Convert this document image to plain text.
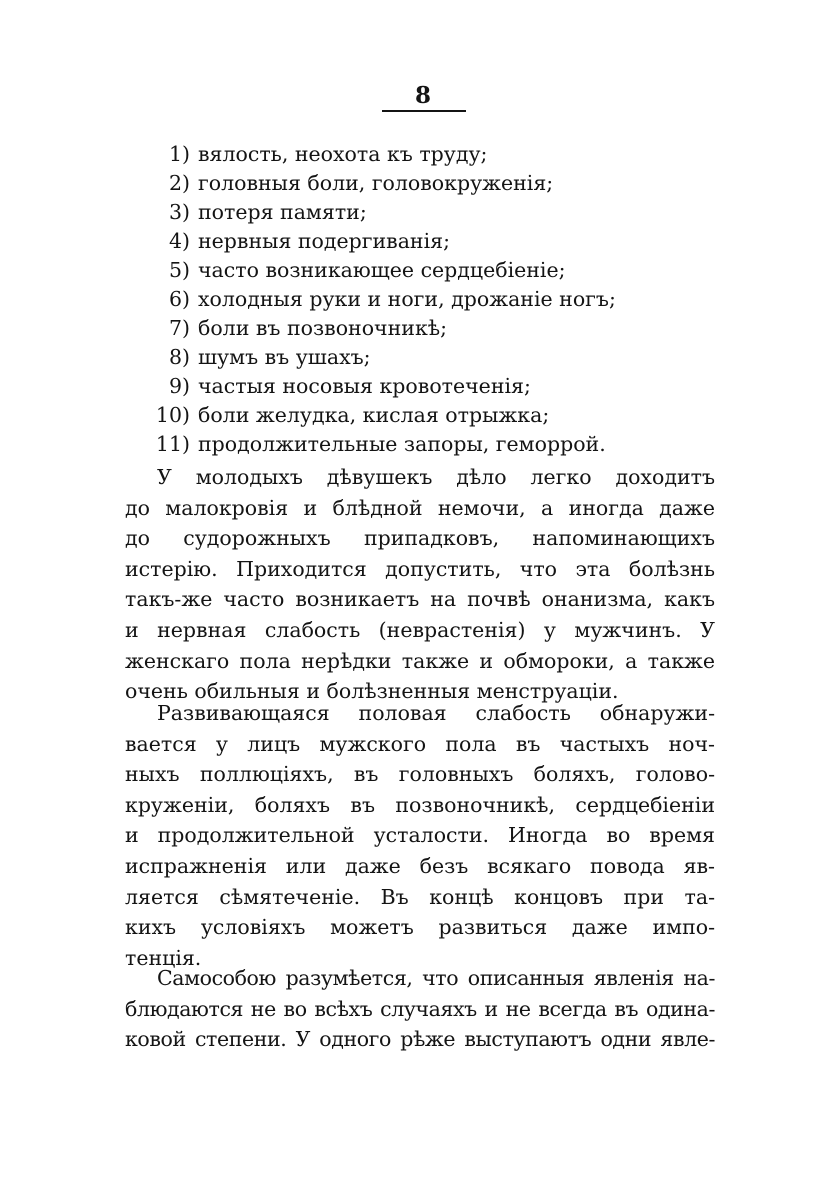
8
1) вялость, неохота къ труду;
2) головныя боли, головокруженія;
3) потеря памяти;
4) нервныя подергиванія;
5) часто возникающее сердцебіеніе;
6) холодныя руки и ноги, дрожаніе ногъ;
7) боли въ позвоночникѣ;
8) шумъ въ ушахъ;
9) частыя носовыя кровотеченія;
10) боли желудка, кислая отрыжка;
11) продолжительные запоры, геморрой.

У молодыхъ дѣвушекъ дѣло легко доходитъ
до малокровія и блѣдной немочи, а иногда даже
до судорожныхъ припадковъ, напоминающихъ
истерію. Приходится допустить, что эта болѣзнь
такъ-же часто возникаетъ на почвѣ онанизма, какъ
и нервная слабость (неврастенія) у мужчинъ. У
женскаго пола нерѣдки также и обмороки, а также
очень обильныя и болѣзненныя менструаціи.

Развивающаяся половая слабость обнаружи-
вается у лицъ мужского пола въ частыхъ ноч-
ныхъ поллюціяхъ, въ головныхъ боляхъ, голово-
круженіи, боляхъ въ позвоночникѣ, сердцебіеніи
и продолжительной усталости. Иногда во время
испражненія или даже безъ всякаго повода яв-
ляется сѣмятеченіе. Въ концѣ концовъ при та-
кихъ условіяхъ можетъ развиться даже импо-
тенція.

Самособою разумѣется, что описанныя явленія на-
блюдаются не во всѣхъ случаяхъ и не всегда въ одина-
ковой степени. У одного рѣже выступаютъ одни явле-
